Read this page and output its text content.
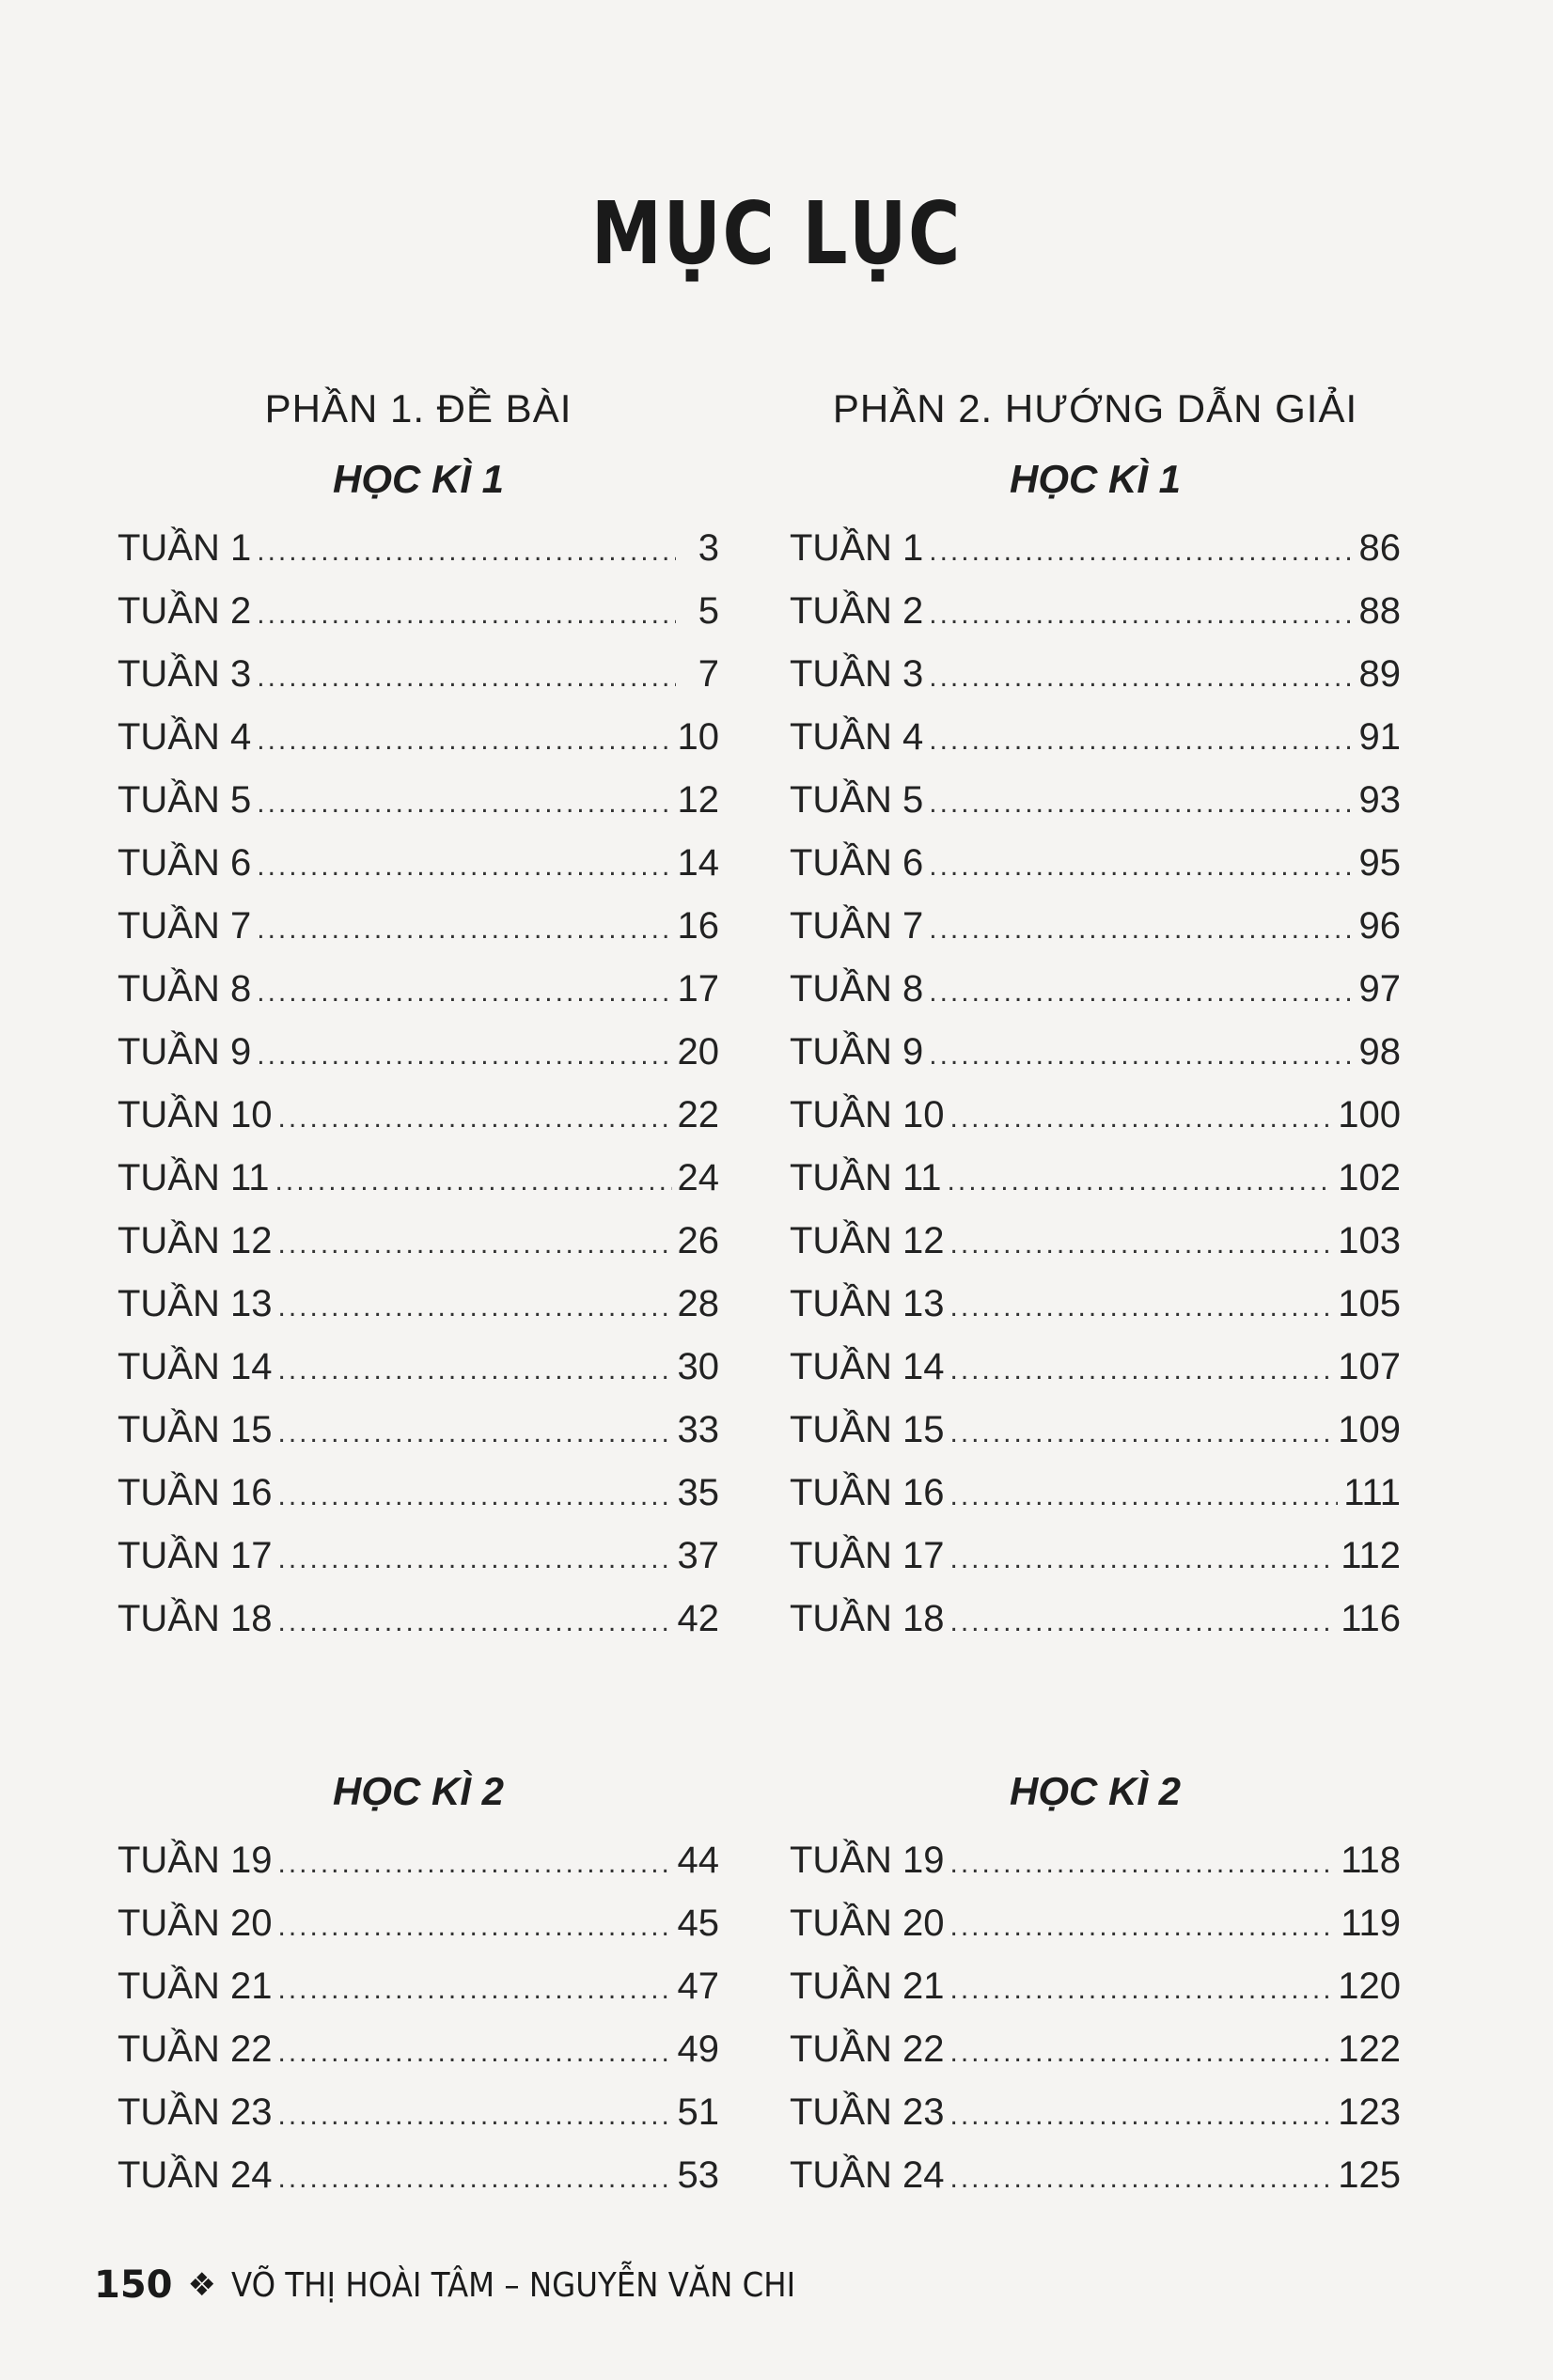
MỤC LỤC
PHẦN 1. ĐỀ BÀI
HỌC KÌ 1
TUẦN 1 .....	3
TUẦN 2 .....	5
TUẦN 3 .....	7
TUẦN 4 .....	10
TUẦN 5 .....	12
TUẦN 6 .....	14
TUẦN 7 .....	16
TUẦN 8 .....	17
TUẦN 9 .....	20
TUẦN 10 .....	22
TUẦN 11 .....	24
TUẦN 12 .....	26
TUẦN 13 .....	28
TUẦN 14 .....	30
TUẦN 15 .....	33
TUẦN 16 .....	35
TUẦN 17 .....	37
TUẦN 18 .....	42
HỌC KÌ 2
TUẦN 19 .....	44
TUẦN 20 .....	45
TUẦN 21 .....	47
TUẦN 22 .....	49
TUẦN 23 .....	51
TUẦN 24 .....	53
PHẦN 2. HƯỚNG DẪN GIẢI
HỌC KÌ 1
TUẦN 1 .....	86
TUẦN 2 .....	88
TUẦN 3 .....	89
TUẦN 4 .....	91
TUẦN 5 .....	93
TUẦN 6 .....	95
TUẦN 7 .....	96
TUẦN 8 .....	97
TUẦN 9 .....	98
TUẦN 10 .....	100
TUẦN 11 .....	102
TUẦN 12 .....	103
TUẦN 13 .....	105
TUẦN 14 .....	107
TUẦN 15 .....	109
TUẦN 16 .....	111
TUẦN 17 .....	112
TUẦN 18 .....	116
HỌC KÌ 2
TUẦN 19 .....	118
TUẦN 20 .....	119
TUẦN 21 .....	120
TUẦN 22 .....	122
TUẦN 23 .....	123
TUẦN 24 .....	125
150 ❖ VÕ THỊ HOÀI TÂM – NGUYỄN VĂN CHI
